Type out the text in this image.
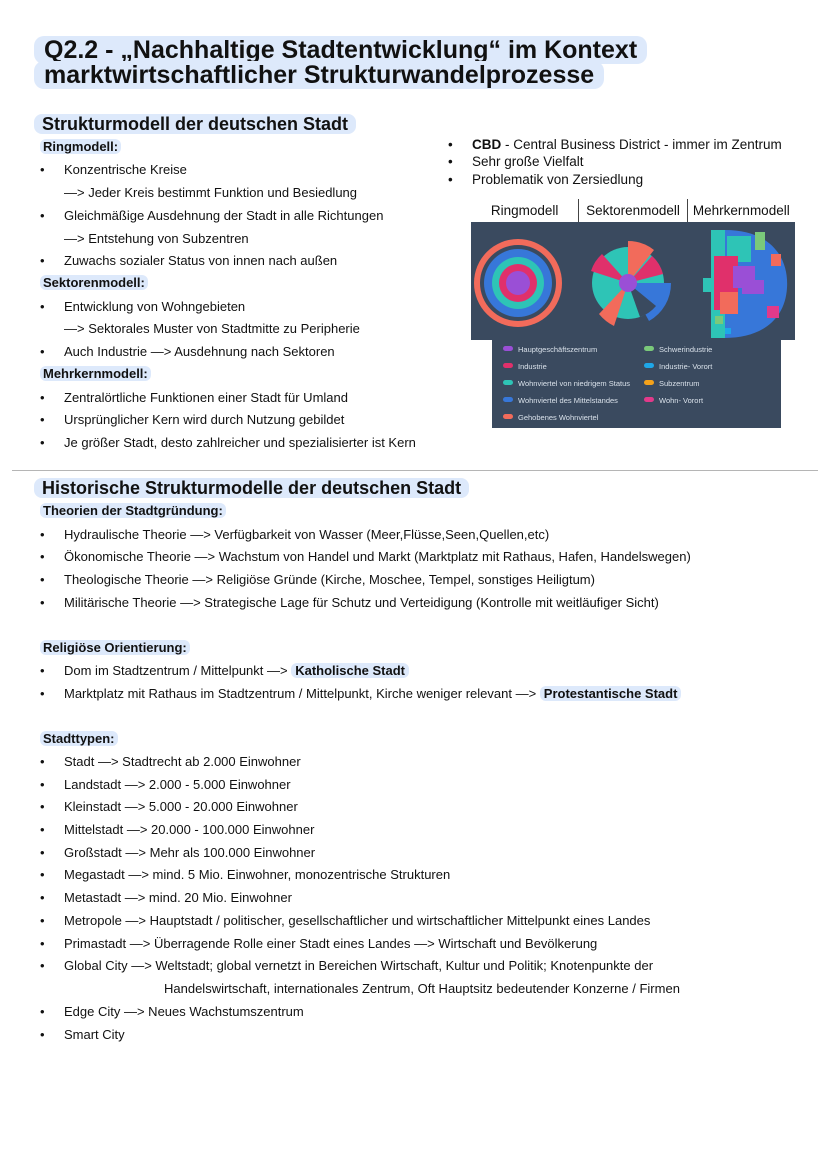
Q2.2 - „Nachhaltige Stadtentwicklung“ im Kontext marktwirtschaftlicher Strukturwandelprozesse
Strukturmodell der deutschen Stadt
Ringmodell:
• Konzentrische Kreise
—> Jeder Kreis bestimmt Funktion und Besiedlung
• Gleichmäßige Ausdehnung der Stadt in alle Richtungen
—> Entstehung von Subzentren
• Zuwachs sozialer Status von innen nach außen
Sektorenmodell:
• Entwicklung von Wohngebieten
—> Sektorales Muster von Stadtmitte zu Peripherie
• Auch Industrie —> Ausdehnung nach Sektoren
Mehrkernmodell:
• Zentralörtliche Funktionen einer Stadt für Umland
• Ursprünglicher Kern wird durch Nutzung gebildet
• Je größer Stadt, desto zahlreicher und spezialisierter ist Kern
• CBD - Central Business District - immer im Zentrum
• Sehr große Vielfalt
• Problematik von Zersiedlung
Ringmodell	Sektorenmodell Mehrkernmodell
Hauptgeschäftszentrum
Industrie
Wohnviertel von niedrigem Status
Wohnviertel des Mittelstandes
Gehobenes Wohnviertel
Schwerindustrie
Industrie- Vorort
Subzentrum
Wohn- Vorort
Historische Strukturmodelle der deutschen Stadt
Theorien der Stadtgründung:
• Hydraulische Theorie —> Verfügbarkeit von Wasser (Meer,Flüsse,Seen,Quellen,etc)
• Ökonomische Theorie —> Wachstum von Handel und Markt (Marktplatz mit Rathaus, Hafen, Handelswegen)
• Theologische Theorie —> Religiöse Gründe (Kirche, Moschee, Tempel, sonstiges Heiligtum)
• Militärische Theorie —> Strategische Lage für Schutz und Verteidigung (Kontrolle mit weitläufiger Sicht)
Religiöse Orientierung:
• Dom im Stadtzentrum / Mittelpunkt —> Katholische Stadt
• Marktplatz mit Rathaus im Stadtzentrum / Mittelpunkt, Kirche weniger relevant —> Protestantische Stadt
Stadttypen:
• Stadt —> Stadtrecht ab 2.000 Einwohner
• Landstadt —> 2.000 - 5.000 Einwohner
• Kleinstadt —> 5.000 - 20.000 Einwohner
• Mittelstadt —> 20.000 - 100.000 Einwohner
• Großstadt —> Mehr als 100.000 Einwohner
• Megastadt —> mind. 5 Mio. Einwohner, monozentrische Strukturen
• Metastadt —> mind. 20 Mio. Einwohner
• Metropole —> Hauptstadt / politischer, gesellschaftlicher und wirtschaftlicher Mittelpunkt eines Landes
• Primastadt —> Überragende Rolle einer Stadt eines Landes —> Wirtschaft und Bevölkerung
• Global City —> Weltstadt; global vernetzt in Bereichen Wirtschaft, Kultur und Politik; Knotenpunkte der
Handelswirtschaft, internationales Zentrum, Oft Hauptsitz bedeutender Konzerne / Firmen
• Edge City —> Neues Wachstumszentrum
• Smart City
